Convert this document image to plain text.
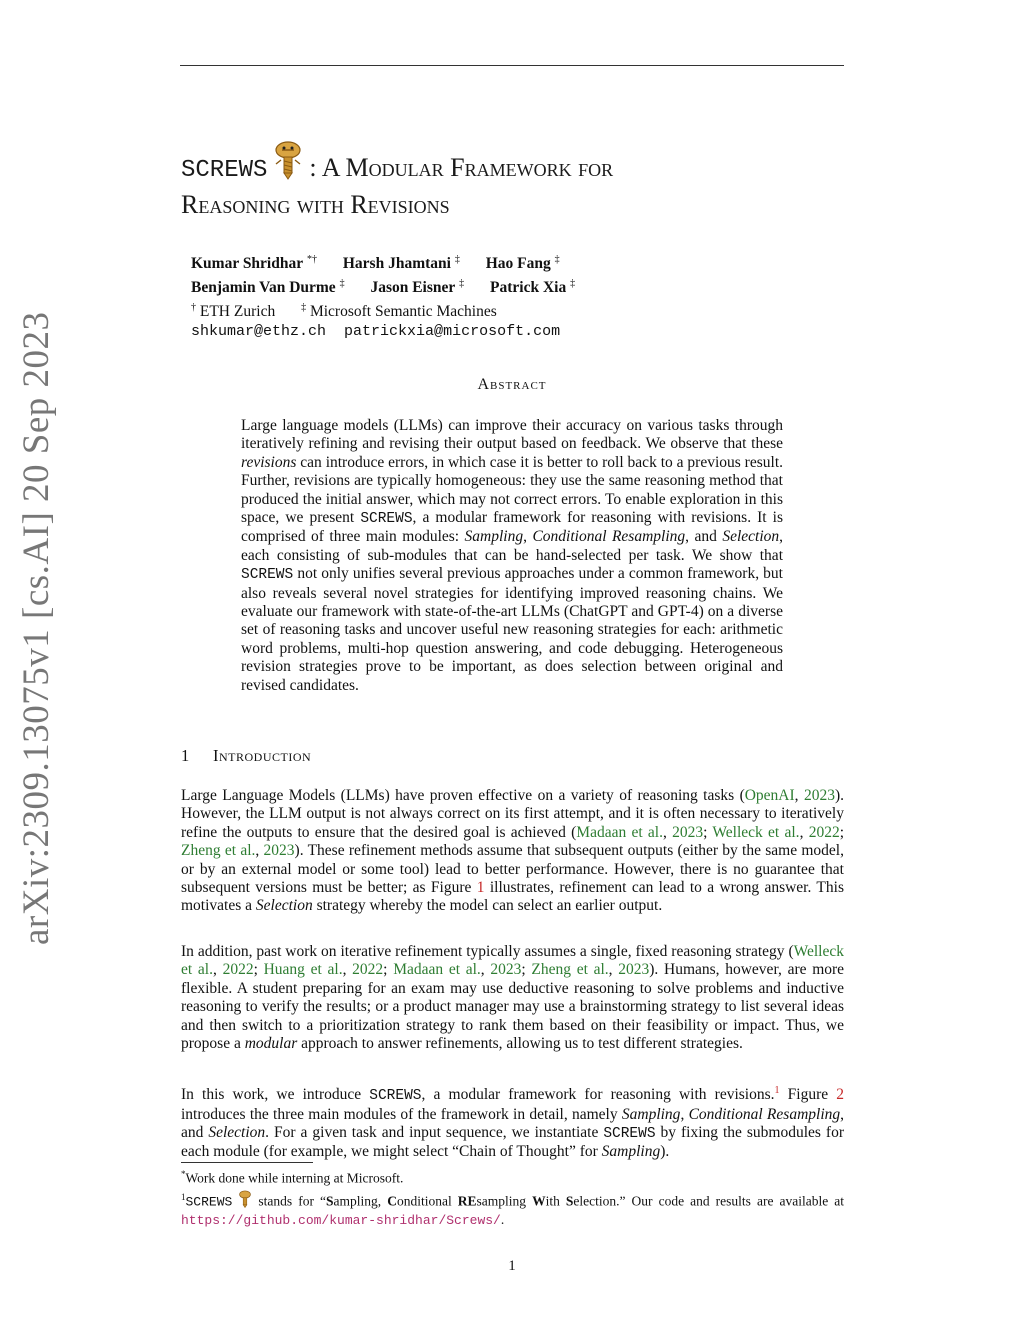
arXiv:2309.13075v1 [cs.AI] 20 Sep 2023
SCREWS : A Modular Framework for
Reasoning with Revisions
Kumar Shridhar *† Harsh Jhamtani ‡ Hao Fang ‡
Benjamin Van Durme ‡ Jason Eisner ‡ Patrick Xia ‡
† ETH Zurich	‡ Microsoft Semantic Machines
shkumar@ethz.ch patrickxia@microsoft.com
Abstract
Large language models (LLMs) can improve their accuracy on various tasks through iteratively refining and revising their output based on feedback. We observe that these revisions can introduce errors, in which case it is better to roll back to a previous result. Further, revisions are typically homogeneous: they use the same reasoning method that produced the initial answer, which may not correct errors. To enable exploration in this space, we present SCREWS, a modular framework for reasoning with revisions. It is comprised of three main modules: Sampling, Conditional Resampling, and Selection, each consisting of sub-modules that can be hand-selected per task. We show that SCREWS not only unifies several previous approaches under a common framework, but also reveals several novel strategies for identifying improved reasoning chains. We evaluate our framework with state-of-the-art LLMs (ChatGPT and GPT-4) on a diverse set of reasoning tasks and uncover useful new reasoning strategies for each: arithmetic word problems, multi-hop question answering, and code debugging. Heterogeneous revision strategies prove to be important, as does selection between original and revised candidates.
1 Introduction
Large Language Models (LLMs) have proven effective on a variety of reasoning tasks (OpenAI, 2023). However, the LLM output is not always correct on its first attempt, and it is often necessary to iteratively refine the outputs to ensure that the desired goal is achieved (Madaan et al., 2023; Welleck et al., 2022; Zheng et al., 2023). These refinement methods assume that subsequent outputs (either by the same model, or by an external model or some tool) lead to better performance. However, there is no guarantee that subsequent versions must be better; as Figure 1 illustrates, refinement can lead to a wrong answer. This motivates a Selection strategy whereby the model can select an earlier output.
In addition, past work on iterative refinement typically assumes a single, fixed reasoning strategy (Welleck et al., 2022; Huang et al., 2022; Madaan et al., 2023; Zheng et al., 2023). Humans, however, are more flexible. A student preparing for an exam may use deductive reasoning to solve problems and inductive reasoning to verify the results; or a product manager may use a brainstorming strategy to list several ideas and then switch to a prioritization strategy to rank them based on their feasibility or impact. Thus, we propose a modular approach to answer refinements, allowing us to test different strategies.
In this work, we introduce SCREWS, a modular framework for reasoning with revisions.$^1$ Figure 2 introduces the three main modules of the framework in detail, namely Sampling, Conditional Resampling, and Selection. For a given task and input sequence, we instantiate SCREWS by fixing the submodules for each module (for example, we might select “Chain of Thought” for Sampling).
*Work done while interning at Microsoft.
$^1$SCREWS  stands for “Sampling, Conditional REsampling With Selection.” Our code and results are available at https://github.com/kumar-shridhar/Screws/.
1
